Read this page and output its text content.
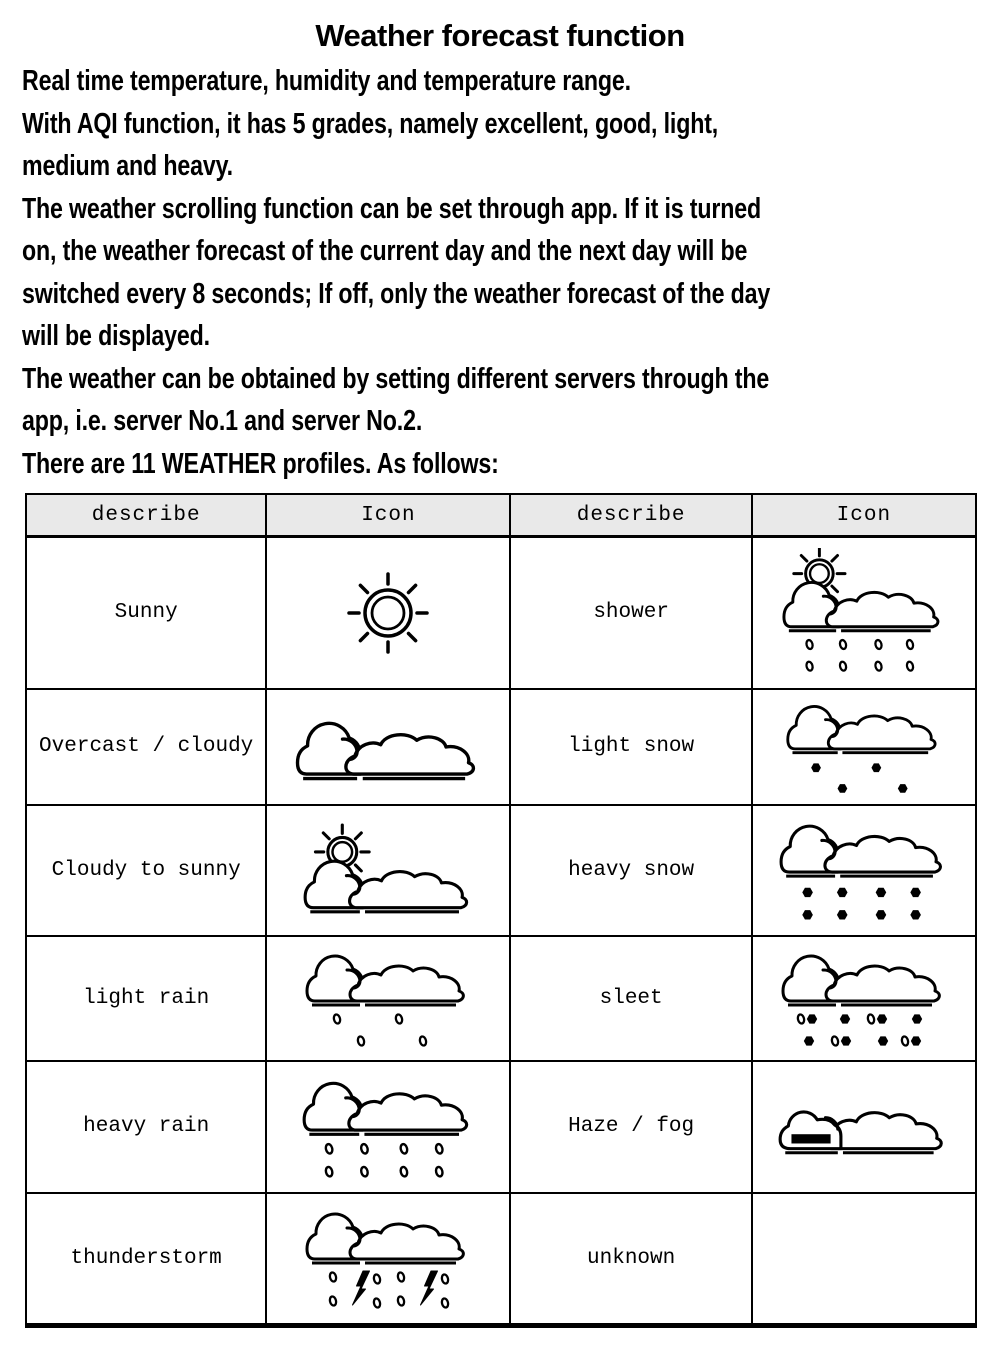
Weather forecast function
Real time temperature, humidity and temperature range.
With AQI function, it has 5 grades, namely excellent, good, light,
medium and heavy.
The weather scrolling function can be set through app. If it is turned
on, the weather forecast of the current day and the next day will be
switched every 8 seconds; If off, only the weather forecast of the day
will be displayed.
The weather can be obtained by setting different servers through the
app, i.e. server No.1 and server No.2.
There are 11 WEATHER profiles. As follows:
describe	Icon	describe	Icon
Sunny		shower	

Overcast / cloudy		light snow	

Cloudy to sunny		heavy snow	

light rain		sleet	

heavy rain		Haze / fog	

thunderstorm		unknown	
